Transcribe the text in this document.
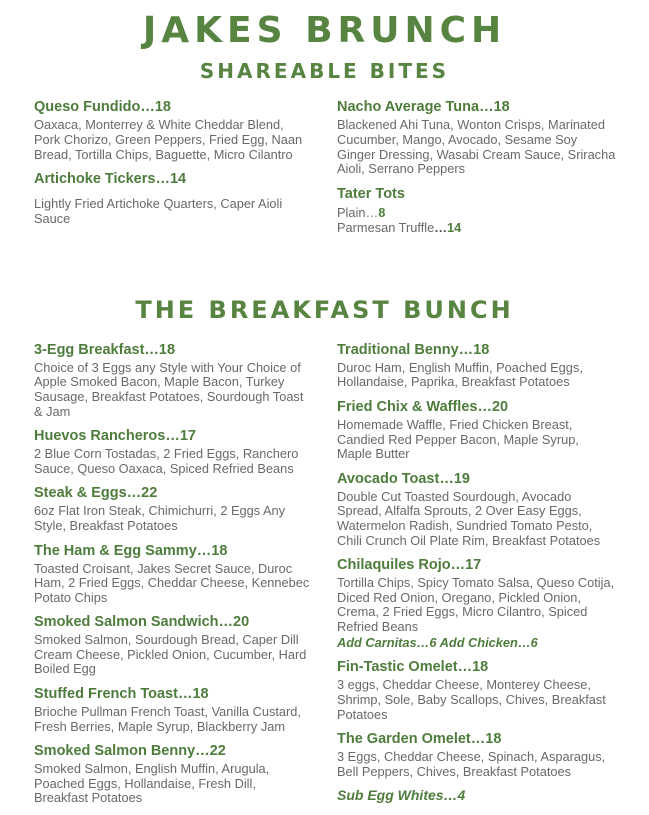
JAKES BRUNCH
SHAREABLE BITES
Queso Fundido…18

Oaxaca, Monterrey & White Cheddar Blend, Pork Chorizo, Green Peppers, Fried Egg, Naan Bread, Tortilla Chips, Baguette, Micro Cilantro

Artichoke Tickers…14

Lightly Fried Artichoke Quarters, Caper Aioli Sauce

Nacho Average Tuna…18

Blackened Ahi Tuna, Wonton Crisps, Marinated Cucumber, Mango, Avocado, Sesame Soy Ginger Dressing, Wasabi Cream Sauce, Sriracha Aioli, Serrano Peppers

Tater Tots

Plain…8

Parmesan Truffle…14

THE BREAKFAST BUNCH
3-Egg Breakfast…18

Choice of 3 Eggs any Style with Your Choice of Apple Smoked Bacon, Maple Bacon, Turkey Sausage, Breakfast Potatoes, Sourdough Toast & Jam

Huevos Rancheros…17

2 Blue Corn Tostadas, 2 Fried Eggs, Ranchero Sauce, Queso Oaxaca, Spiced Refried Beans

Steak & Eggs…22

6oz Flat Iron Steak, Chimichurri, 2 Eggs Any Style, Breakfast Potatoes

The Ham & Egg Sammy…18

Toasted Croisant, Jakes Secret Sauce, Duroc Ham, 2 Fried Eggs, Cheddar Cheese, Kennebec Potato Chips

Smoked Salmon Sandwich…20

Smoked Salmon, Sourdough Bread, Caper Dill Cream Cheese, Pickled Onion, Cucumber, Hard Boiled Egg

Stuffed French Toast…18

Brioche Pullman French Toast, Vanilla Custard, Fresh Berries, Maple Syrup, Blackberry Jam

Smoked Salmon Benny…22

Smoked Salmon, English Muffin, Arugula, Poached Eggs, Hollandaise, Fresh Dill, Breakfast Potatoes

Traditional Benny…18

Duroc Ham, English Muffin, Poached Eggs, Hollandaise, Paprika, Breakfast Potatoes

Fried Chix & Waffles…20

Homemade Waffle, Fried Chicken Breast, Candied Red Pepper Bacon, Maple Syrup, Maple Butter

Avocado Toast…19

Double Cut Toasted Sourdough, Avocado Spread, Alfalfa Sprouts, 2 Over Easy Eggs, Watermelon Radish, Sundried Tomato Pesto, Chili Crunch Oil Plate Rim, Breakfast Potatoes

Chilaquiles Rojo…17

Tortilla Chips, Spicy Tomato Salsa, Queso Cotija, Diced Red Onion, Oregano, Pickled Onion, Crema, 2 Fried Eggs, Micro Cilantro, Spiced Refried Beans

Add Carnitas…6 Add Chicken…6

Fin-Tastic Omelet…18

3 eggs, Cheddar Cheese, Monterey Cheese, Shrimp, Sole, Baby Scallops, Chives, Breakfast Potatoes

The Garden Omelet…18

3 Eggs, Cheddar Cheese, Spinach, Asparagus, Bell Peppers, Chives, Breakfast Potatoes

Sub Egg Whites…4
